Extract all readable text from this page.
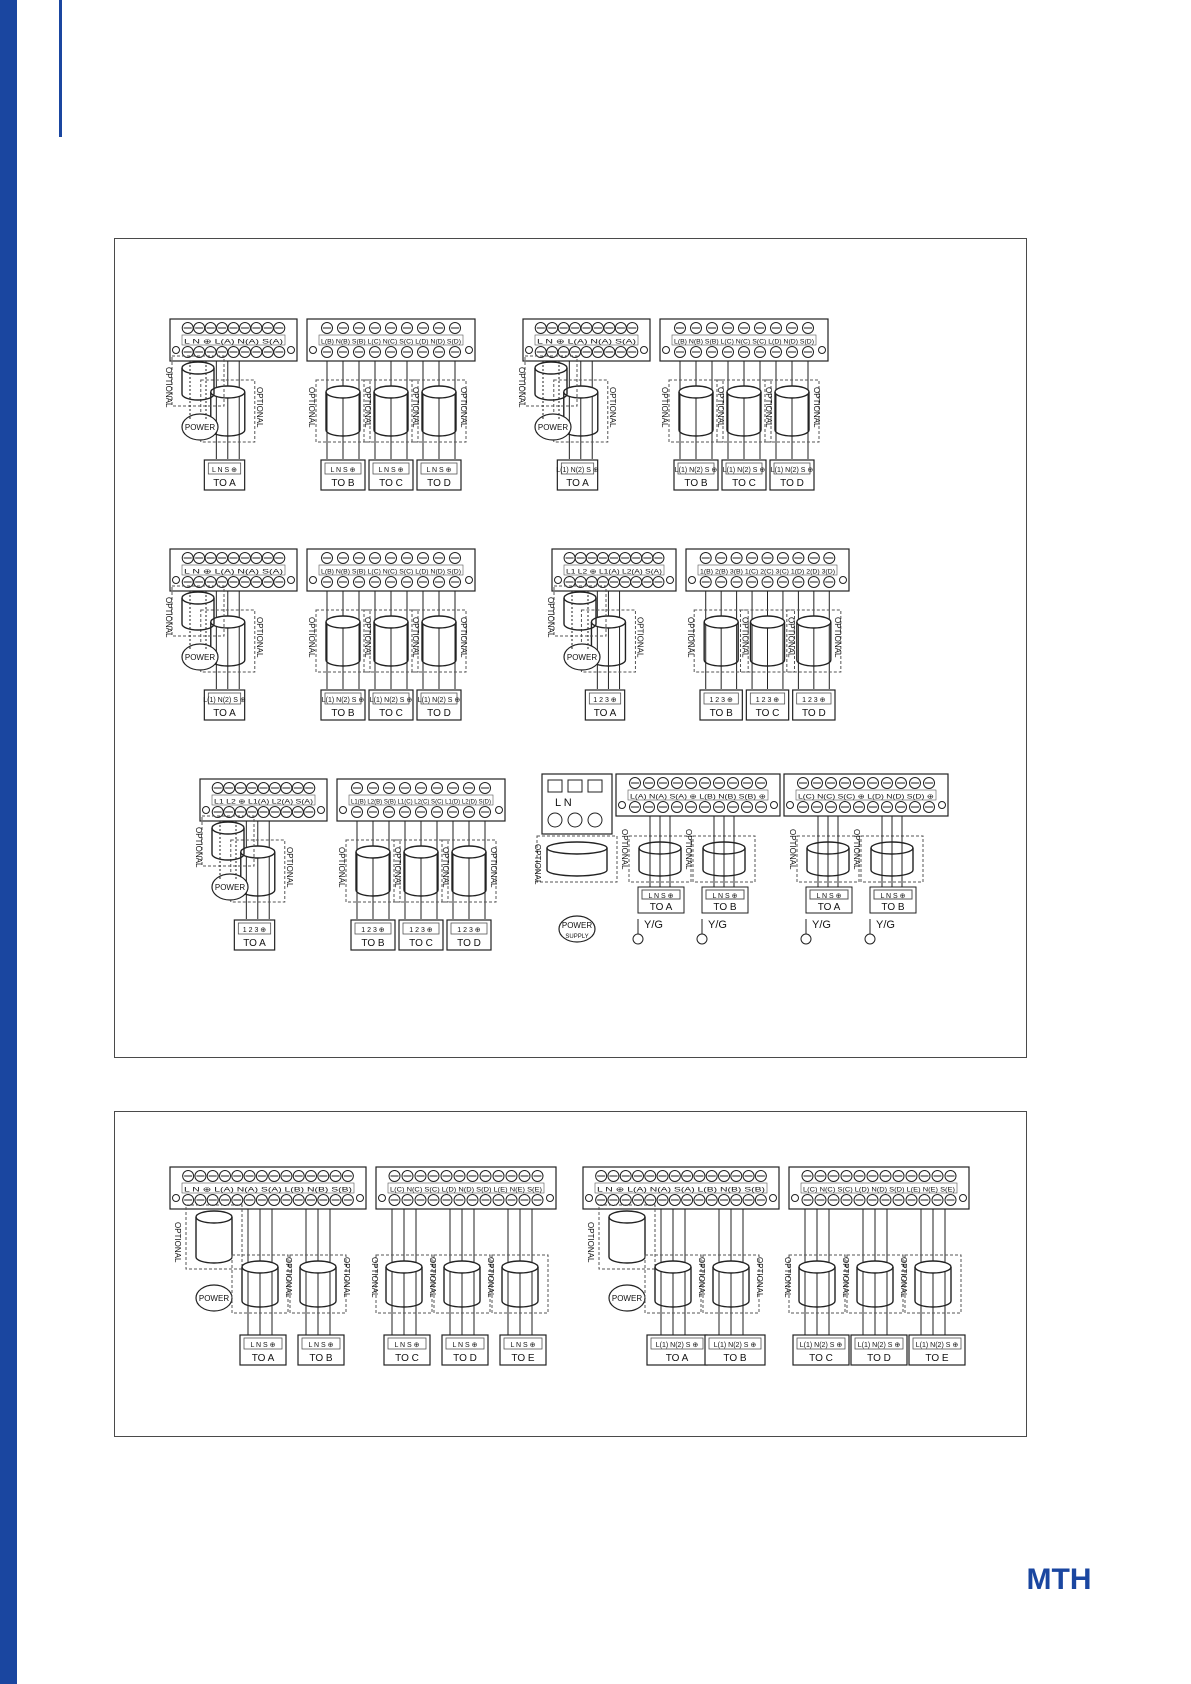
L N ⊕ L(A) N(A) S(A)
OPTIONAL
OPTIONAL
POWER
L N S ⊕
TO A
L(B) N(B) S(B) L(C) N(C) S(C) L(D) N(D) S(D)
OPTIONAL
L N S ⊕
TO B
OPTIONAL
L N S ⊕
TO C
OPTIONAL
L N S ⊕
TO D
OPTIONAL
L N ⊕ L(A) N(A) S(A)
OPTIONAL
OPTIONAL
POWER
L(1) N(2) S ⊕
TO A
L(B) N(B) S(B) L(C) N(C) S(C) L(D) N(D) S(D)
OPTIONAL
L(1) N(2) S ⊕
TO B
OPTIONAL
L(1) N(2) S ⊕
TO C
OPTIONAL
L(1) N(2) S ⊕
TO D
OPTIONAL
L N ⊕ L(A) N(A) S(A)
OPTIONAL
OPTIONAL
POWER
L(1) N(2) S ⊕
TO A
L(B) N(B) S(B) L(C) N(C) S(C) L(D) N(D) S(D)
OPTIONAL
L(1) N(2) S ⊕
TO B
OPTIONAL
L(1) N(2) S ⊕
TO C
OPTIONAL
L(1) N(2) S ⊕
TO D
OPTIONAL
L1 L2 ⊕ L1(A) L2(A) S(A)
OPTIONAL
OPTIONAL
POWER
1 2 3 ⊕
TO A
1(B) 2(B) 3(B) 1(C) 2(C) 3(C) 1(D) 2(D) 3(D)
OPTIONAL
1 2 3 ⊕
TO B
OPTIONAL
1 2 3 ⊕
TO C
OPTIONAL
1 2 3 ⊕
TO D
OPTIONAL
L1 L2 ⊕ L1(A) L2(A) S(A)
OPTIONAL
OPTIONAL
POWER
1 2 3 ⊕
TO A
L1(B) L2(B) S(B) L1(C) L2(C) S(C) L1(D) L2(D) S(D)
OPTIONAL
1 2 3 ⊕
TO B
OPTIONAL
1 2 3 ⊕
TO C
OPTIONAL
1 2 3 ⊕
TO D
OPTIONAL
L N
OPTIONAL
POWER
SUPPLY
L(A) N(A) S(A) ⊕ L(B) N(B) S(B) ⊕
OPTIONAL
L N S ⊕
TO A
Y/G
OPTIONAL
L N S ⊕
TO B
Y/G
L(C) N(C) S(C) ⊕ L(D) N(D) S(D) ⊕
OPTIONAL
L N S ⊕
TO A
Y/G
OPTIONAL
L N S ⊕
TO B
Y/G
L N ⊕ L(A) N(A) S(A) L(B) N(B) S(B)
OPTIONAL
POWER
OPTIONAL
L N S ⊕
TO A
OPTIONAL
L N S ⊕
TO B
L(C) N(C) S(C) L(D) N(D) S(D) L(E) N(E) S(E)
OPTIONAL
L N S ⊕
TO C
OPTIONAL
L N S ⊕
TO D
OPTIONAL
L N S ⊕
TO E
L N ⊕ L(A) N(A) S(A) L(B) N(B) S(B)
OPTIONAL
POWER
OPTIONAL
L(1) N(2) S ⊕
TO A
OPTIONAL
L(1) N(2) S ⊕
TO B
L(C) N(C) S(C) L(D) N(D) S(D) L(E) N(E) S(E)
OPTIONAL
L(1) N(2) S ⊕
TO C
OPTIONAL
L(1) N(2) S ⊕
TO D
OPTIONAL
L(1) N(2) S ⊕
TO E
HTM
